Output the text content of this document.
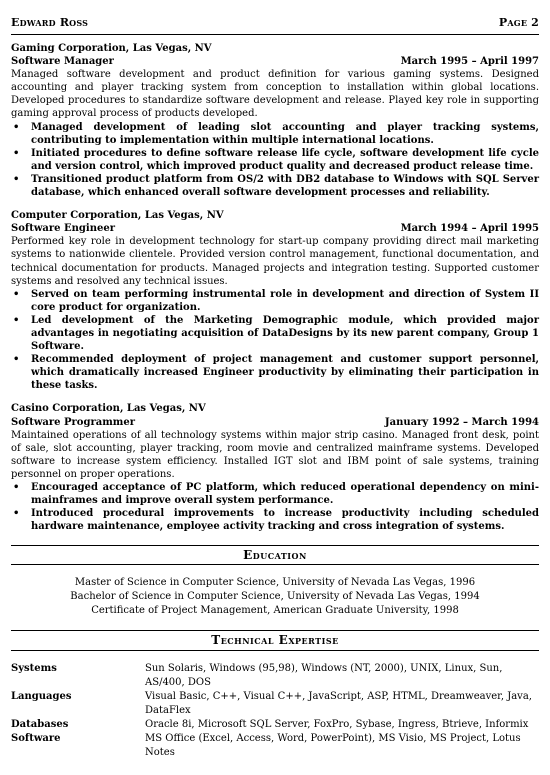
Edward Ross	Page 2
Gaming Corporation, Las Vegas, NV
Software Manager	March 1995 – April 1997
Managed software development and product definition for various gaming systems. Designed accounting and player tracking system from conception to installation within global locations. Developed procedures to standardize software development and release. Played key role in supporting gaming approval process of products developed.
• Managed development of leading slot accounting and player tracking systems, contributing to implementation within multiple international locations.
• Initiated procedures to define software release life cycle, software development life cycle and version control, which improved product quality and decreased product release time.
• Transitioned product platform from OS/2 with DB2 database to Windows with SQL Server database, which enhanced overall software development processes and reliability.
Computer Corporation, Las Vegas, NV
Software Engineer	March 1994 – April 1995
Performed key role in development technology for start-up company providing direct mail marketing systems to nationwide clientele. Provided version control management, functional documentation, and technical documentation for products. Managed projects and integration testing. Supported customer systems and resolved any technical issues.
• Served on team performing instrumental role in development and direction of System II core product for organization.
• Led development of the Marketing Demographic module, which provided major advantages in negotiating acquisition of DataDesigns by its new parent company, Group 1 Software.
• Recommended deployment of project management and customer support personnel, which dramatically increased Engineer productivity by eliminating their participation in these tasks.
Casino Corporation, Las Vegas, NV
Software Programmer	January 1992 – March 1994
Maintained operations of all technology systems within major strip casino. Managed front desk, point of sale, slot accounting, player tracking, room movie and centralized mainframe systems. Developed software to increase system efficiency. Installed IGT slot and IBM point of sale systems, training personnel on proper operations.
• Encouraged acceptance of PC platform, which reduced operational dependency on mini-mainframes and improve overall system performance.
• Introduced procedural improvements to increase productivity including scheduled hardware maintenance, employee activity tracking and cross integration of systems.
Education
Master of Science in Computer Science, University of Nevada Las Vegas, 1996
Bachelor of Science in Computer Science, University of Nevada Las Vegas, 1994
Certificate of Project Management, American Graduate University, 1998
Technical Expertise
Systems	Sun Solaris, Windows (95,98), Windows (NT, 2000), UNIX, Linux, Sun, AS/400, DOS
Languages	Visual Basic, C++, Visual C++, JavaScript, ASP, HTML, Dreamweaver, Java, DataFlex
Databases	Oracle 8i, Microsoft SQL Server, FoxPro, Sybase, Ingress, Btrieve, Informix
Software	MS Office (Excel, Access, Word, PowerPoint), MS Visio, MS Project, Lotus Notes
